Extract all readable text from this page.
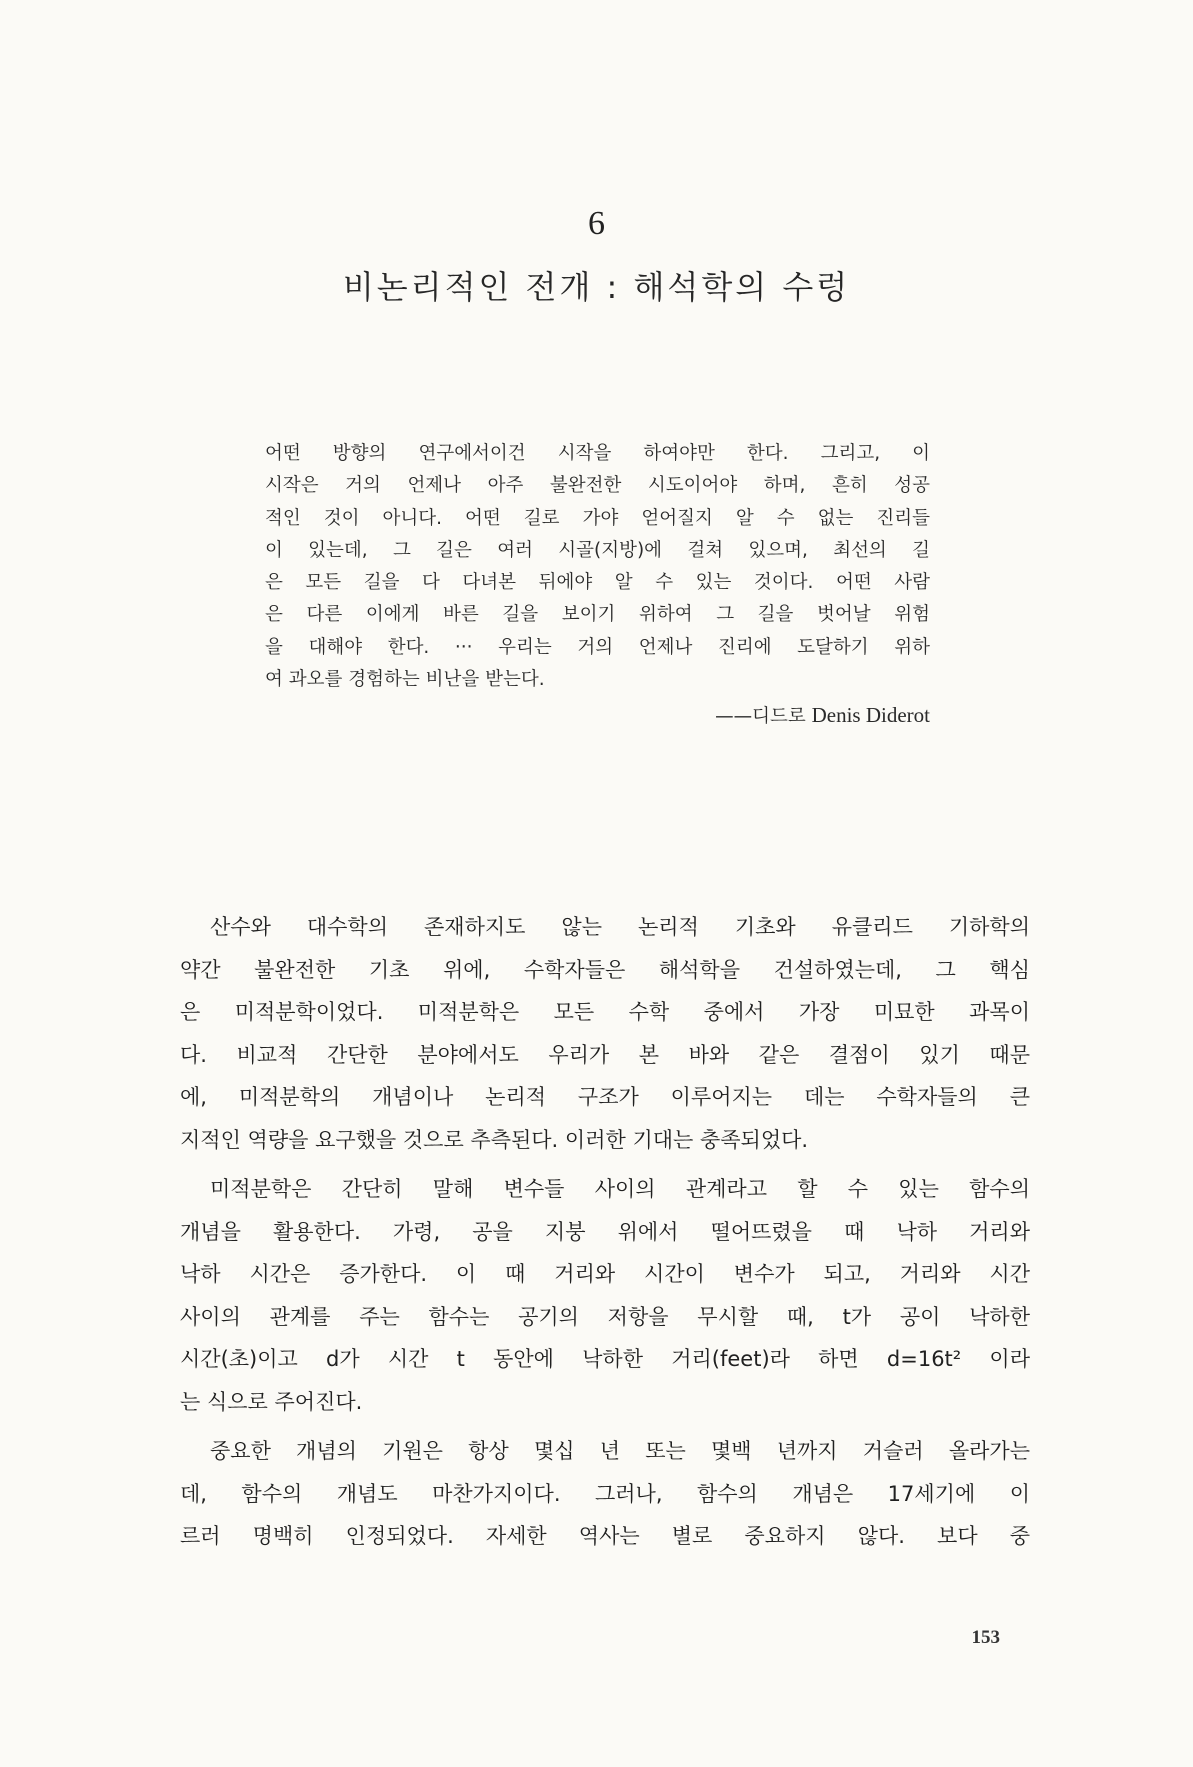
6
비논리적인 전개 : 해석학의 수렁
어떤 방향의 연구에서이건 시작을 하여야만 한다. 그리고, 이
시작은 거의 언제나 아주 불완전한 시도이어야 하며, 흔히 성공
적인 것이 아니다. 어떤 길로 가야 얻어질지 알 수 없는 진리들
이 있는데, 그 길은 여러 시골(지방)에 걸쳐 있으며, 최선의 길
은 모든 길을 다 다녀본 뒤에야 알 수 있는 것이다. 어떤 사람
은 다른 이에게 바른 길을 보이기 위하여 그 길을 벗어날 위험
을 대해야 한다. ··· 우리는 거의 언제나 진리에 도달하기 위하
여 과오를 경험하는 비난을 받는다.
——디드로 Denis Diderot
산수와 대수학의 존재하지도 않는 논리적 기초와 유클리드 기하학의
약간 불완전한 기초 위에, 수학자들은 해석학을 건설하였는데, 그 핵심
은 미적분학이었다. 미적분학은 모든 수학 중에서 가장 미묘한 과목이
다. 비교적 간단한 분야에서도 우리가 본 바와 같은 결점이 있기 때문
에, 미적분학의 개념이나 논리적 구조가 이루어지는 데는 수학자들의 큰
지적인 역량을 요구했을 것으로 추측된다. 이러한 기대는 충족되었다.
미적분학은 간단히 말해 변수들 사이의 관계라고 할 수 있는 함수의
개념을 활용한다. 가령, 공을 지붕 위에서 떨어뜨렸을 때 낙하 거리와
낙하 시간은 증가한다. 이 때 거리와 시간이 변수가 되고, 거리와 시간
사이의 관계를 주는 함수는 공기의 저항을 무시할 때, t가 공이 낙하한
시간(초)이고 d가 시간 t 동안에 낙하한 거리(feet)라 하면 d=16t² 이라
는 식으로 주어진다.
중요한 개념의 기원은 항상 몇십 년 또는 몇백 년까지 거슬러 올라가는
데, 함수의 개념도 마찬가지이다. 그러나, 함수의 개념은 17세기에 이
르러 명백히 인정되었다. 자세한 역사는 별로 중요하지 않다. 보다 중
153
